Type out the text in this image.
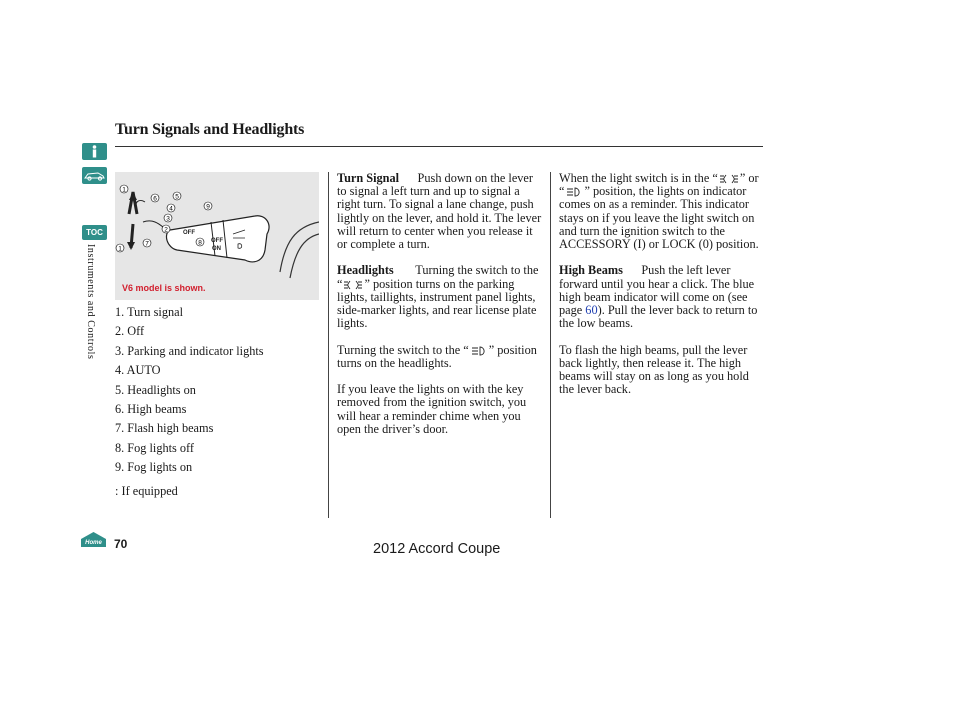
Turn Signals and Headlights
TOC
Instruments and Controls
OFF
OFF
ON
1
6	5
4
3
9
2
8
1
7
V6 model is shown.
1. Turn signal
2. Off
3. Parking and indicator lights
4. AUTO
5. Headlights on
6. High beams
7. Flash high beams
8. Fog lights off
9. Fog lights on
: If equipped

Turn Signal Push down on the lever to signal a left turn and up to signal a right turn. To signal a lane change, push lightly on the lever, and hold it. The lever will return to center when you release it or complete a turn.

Headlights Turning the switch to the “ ” position turns on the parking lights, taillights, instrument panel lights, side-marker lights, and rear license plate lights.

Turning the switch to the “ ” position turns on the headlights.

If you leave the lights on with the key removed from the ignition switch, you will hear a reminder chime when you open the driver’s door.

When the light switch is in the “ ” or “ ” position, the lights on indicator comes on as a reminder. This indicator stays on if you leave the light switch on and turn the ignition switch to the ACCESSORY (I) or LOCK (0) position.

High Beams Push the left lever forward until you hear a click. The blue high beam indicator will come on (see page 60). Pull the lever back to return to the low beams.

To flash the high beams, pull the lever back lightly, then release it. The high beams will stay on as long as you hold the lever back.

Home 70	2012 Accord Coupe
